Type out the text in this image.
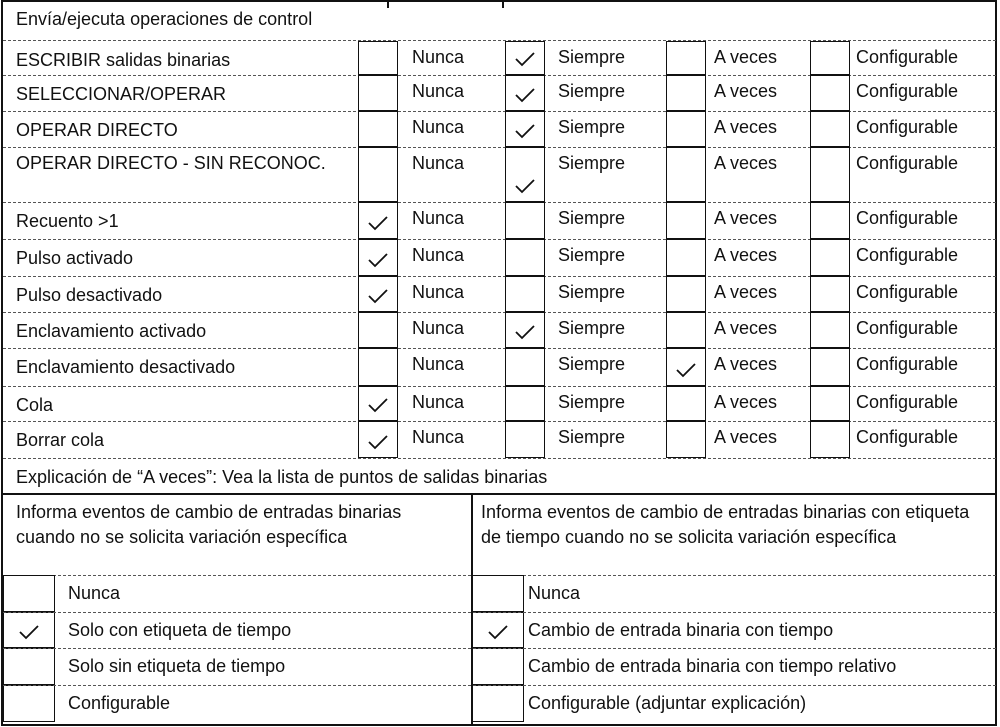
Envía/ejecuta operaciones de control
ESCRIBIR salidas binarias	Nunca	Siempre	A veces	Configurable
SELECCIONAR/OPERAR	Nunca	Siempre	A veces	Configurable
OPERAR DIRECTO	Nunca	Siempre	A veces	Configurable
OPERAR DIRECTO - SIN RECONOC.	Nunca	Siempre	A veces	Configurable
Recuento >1	Nunca	Siempre	A veces	Configurable
Pulso activado	Nunca	Siempre	A veces	Configurable
Pulso desactivado	Nunca	Siempre	A veces	Configurable
Enclavamiento activado	Nunca	Siempre	A veces	Configurable
Enclavamiento desactivado	Nunca	Siempre	A veces	Configurable
Cola	Nunca	Siempre	A veces	Configurable
Borrar cola	Nunca	Siempre	A veces	Configurable
Explicación de “A veces”: Vea la lista de puntos de salidas binarias
Informa eventos de cambio de entradas binarias cuando no se solicita variación específica
Informa eventos de cambio de entradas binarias con etiqueta de tiempo cuando no se solicita variación específica
Nunca
Solo con etiqueta de tiempo
Solo sin etiqueta de tiempo
Configurable
Nunca
Cambio de entrada binaria con tiempo
Cambio de entrada binaria con tiempo relativo
Configurable (adjuntar explicación)
